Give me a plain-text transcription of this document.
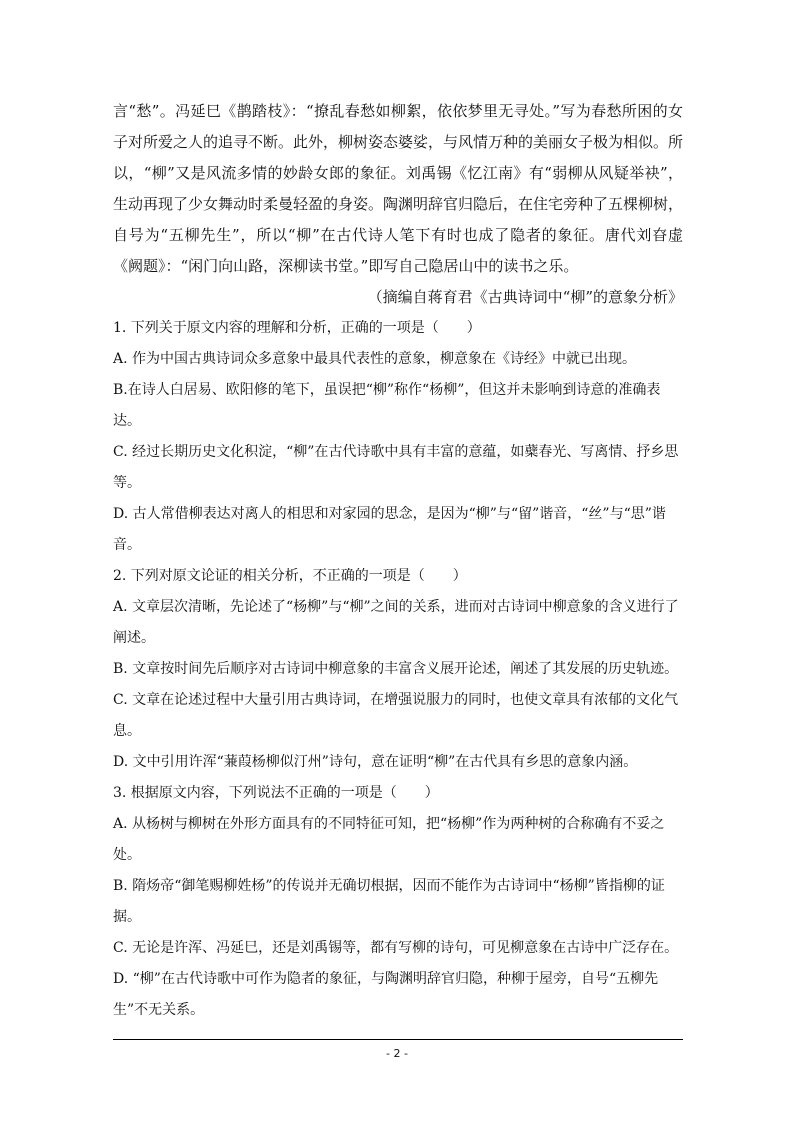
言“愁”。冯延巳《鹊踏枝》：“撩乱春愁如柳絮，依依梦里无寻处。”写为春愁所困的女子对所爱之人的追寻不断。此外，柳树姿态婆娑，与风情万种的美丽女子极为相似。所以，“柳”又是风流多情的妙龄女郎的象征。刘禹锡《忆江南》有“弱柳从风疑举袂”，生动再现了少女舞动时柔曼轻盈的身姿。陶渊明辞官归隐后，在住宅旁种了五棵柳树，自号为“五柳先生”，所以“柳”在古代诗人笔下有时也成了隐者的象征。唐代刘昚虚《阙题》：“闲门向山路，深柳读书堂。”即写自己隐居山中的读书之乐。

（摘编自蒋育君《古典诗词中“柳”的意象分析》

1. 下列关于原文内容的理解和分析，正确的一项是（　　）

A. 作为中国古典诗词众多意象中最具代表性的意象，柳意象在《诗经》中就已出现。

B.在诗人白居易、欧阳修的笔下，虽误把“柳”称作“杨柳”，但这并未影响到诗意的准确表达。

C. 经过长期历史文化积淀，“柳”在古代诗歌中具有丰富的意蕴，如蘗春光、写离情、抒乡思等。

D. 古人常借柳表达对离人的相思和对家园的思念，是因为“柳”与“留”谐音，“丝”与“思”谐音。

2. 下列对原文论证的相关分析，不正确的一项是（　　）

A. 文章层次清晰，先论述了“杨柳”与“柳”之间的关系，进而对古诗词中柳意象的含义进行了阐述。

B. 文章按时间先后顺序对古诗词中柳意象的丰富含义展开论述，阐述了其发展的历史轨迹。

C. 文章在论述过程中大量引用古典诗词，在增强说服力的同时，也使文章具有浓郁的文化气息。

D. 文中引用许浑“蒹葭杨柳似汀州”诗句，意在证明“柳”在古代具有乡思的意象内涵。

3. 根据原文内容，下列说法不正确的一项是（　　）

A. 从杨树与柳树在外形方面具有的不同特征可知，把“杨柳”作为两种树的合称确有不妥之处。

B. 隋炀帝“御笔赐柳姓杨”的传说并无确切根据，因而不能作为古诗词中“杨柳”皆指柳的证据。

C. 无论是许浑、冯延巳，还是刘禹锡等，都有写柳的诗句，可见柳意象在古诗中广泛存在。

D. “柳”在古代诗歌中可作为隐者的象征，与陶渊明辞官归隐，种柳于屋旁，自号“五柳先生”不无关系。

- 2 -
